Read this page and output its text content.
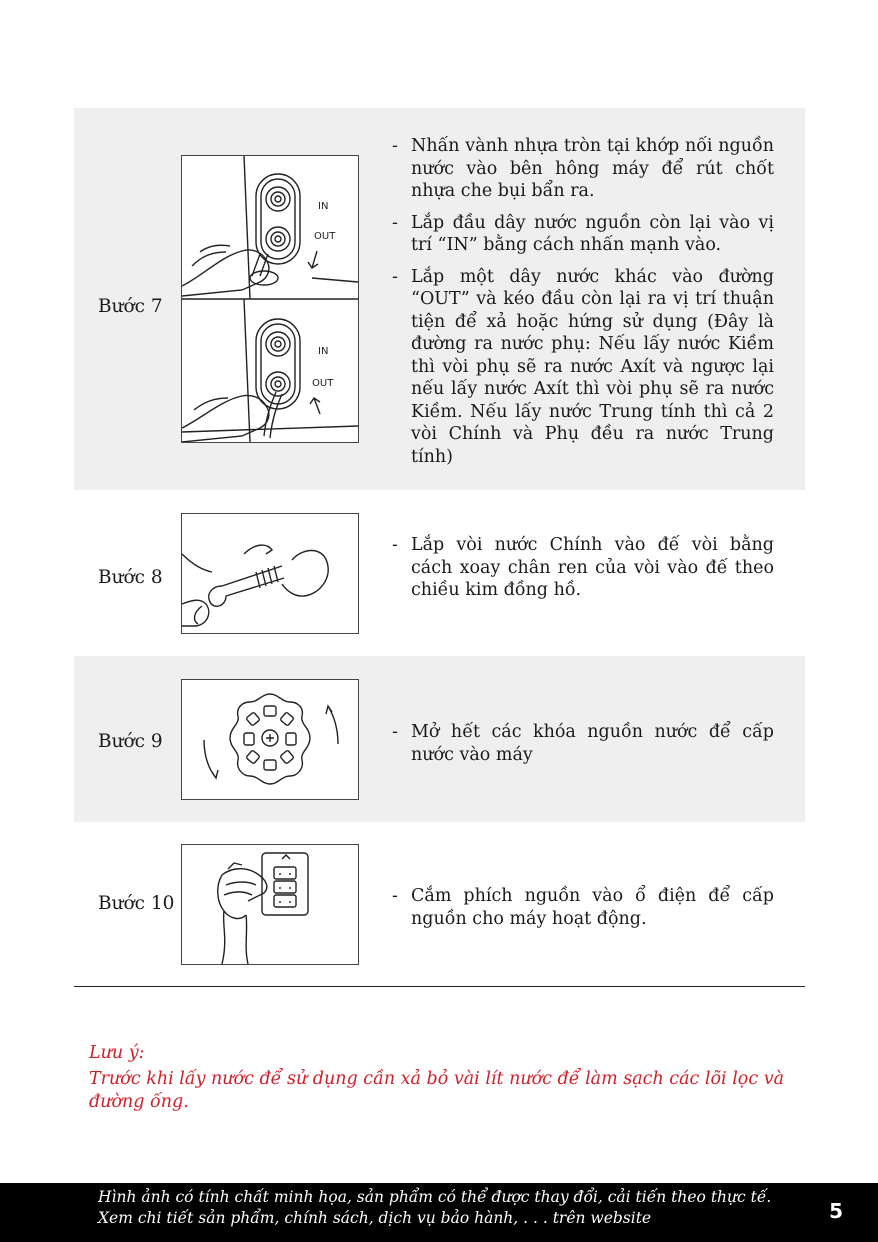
Bước 7
IN
OUT
IN
OUT
- Nhấn vành nhựa tròn tại khớp nối nguồn nước vào bên hông máy để rút chốt nhựa che bụi bẩn ra.
- Lắp đầu dây nước nguồn còn lại vào vị trí “IN” bằng cách nhấn mạnh vào.
- Lắp một dây nước khác vào đường “OUT” và kéo đầu còn lại ra vị trí thuận tiện để xả hoặc hứng sử dụng (Đây là đường ra nước phụ: Nếu lấy nước Kiềm thì vòi phụ sẽ ra nước Axít và ngược lại nếu lấy nước Axít thì vòi phụ sẽ ra nước Kiềm. Nếu lấy nước Trung tính thì cả 2 vòi Chính và Phụ đều ra nước Trung tính)
Bước 8
- Lắp vòi nước Chính vào đế vòi bằng cách xoay chân ren của vòi vào đế theo chiều kim đồng hồ.
Bước 9	- Mở hết các khóa nguồn nước để cấp nước vào máy
Bước 10	- Cắm phích nguồn vào ổ điện để cấp nguồn cho máy hoạt động.
Lưu ý:
Trước khi lấy nước để sử dụng cần xả bỏ vài lít nước để làm sạch các lõi lọc và đường ống.
Hình ảnh có tính chất minh họa, sản phẩm có thể được thay đổi, cải tiến theo thực tế.
Xem chi tiết sản phẩm, chính sách, dịch vụ bảo hành, . . . trên website	5
